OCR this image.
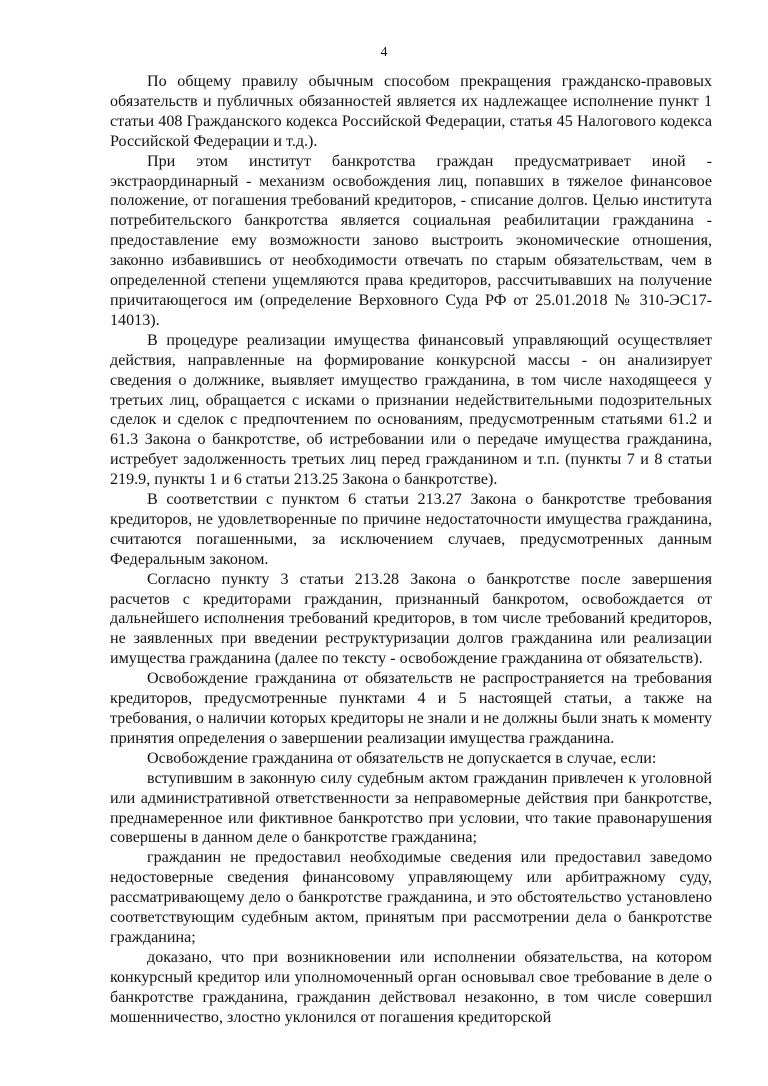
4

По общему правилу обычным способом прекращения гражданско-правовых обязательств и публичных обязанностей является их надлежащее исполнение пункт 1 статьи 408 Гражданского кодекса Российской Федерации, статья 45 Налогового кодекса Российской Федерации и т.д.).

При этом институт банкротства граждан предусматривает иной - экстраординарный - механизм освобождения лиц, попавших в тяжелое финансовое положение, от погашения требований кредиторов, - списание долгов. Целью института потребительского банкротства является социальная реабилитации гражданина - предоставление ему возможности заново выстроить экономические отношения, законно избавившись от необходимости отвечать по старым обязательствам, чем в определенной степени ущемляются права кредиторов, рассчитывавших на получение причитающегося им (определение Верховного Суда РФ от 25.01.2018 № 310-ЭС17-14013).

В процедуре реализации имущества финансовый управляющий осуществляет действия, направленные на формирование конкурсной массы - он анализирует сведения о должнике, выявляет имущество гражданина, в том числе находящееся у третьих лиц, обращается с исками о признании недействительными подозрительных сделок и сделок с предпочтением по основаниям, предусмотренным статьями 61.2 и 61.3 Закона о банкротстве, об истребовании или о передаче имущества гражданина, истребует задолженность третьих лиц перед гражданином и т.п. (пункты 7 и 8 статьи 219.9, пункты 1 и 6 статьи 213.25 Закона о банкротстве).

В соответствии с пунктом 6 статьи 213.27 Закона о банкротстве требования кредиторов, не удовлетворенные по причине недостаточности имущества гражданина, считаются погашенными, за исключением случаев, предусмотренных данным Федеральным законом.

Согласно пункту 3 статьи 213.28 Закона о банкротстве после завершения расчетов с кредиторами гражданин, признанный банкротом, освобождается от дальнейшего исполнения требований кредиторов, в том числе требований кредиторов, не заявленных при введении реструктуризации долгов гражданина или реализации имущества гражданина (далее по тексту - освобождение гражданина от обязательств).

Освобождение гражданина от обязательств не распространяется на требования кредиторов, предусмотренные пунктами 4 и 5 настоящей статьи, а также на требования, о наличии которых кредиторы не знали и не должны были знать к моменту принятия определения о завершении реализации имущества гражданина.

Освобождение гражданина от обязательств не допускается в случае, если:

вступившим в законную силу судебным актом гражданин привлечен к уголовной или административной ответственности за неправомерные действия при банкротстве, преднамеренное или фиктивное банкротство при условии, что такие правонарушения совершены в данном деле о банкротстве гражданина;

гражданин не предоставил необходимые сведения или предоставил заведомо недостоверные сведения финансовому управляющему или арбитражному суду, рассматривающему дело о банкротстве гражданина, и это обстоятельство установлено соответствующим судебным актом, принятым при рассмотрении дела о банкротстве гражданина;

доказано, что при возникновении или исполнении обязательства, на котором конкурсный кредитор или уполномоченный орган основывал свое требование в деле о банкротстве гражданина, гражданин действовал незаконно, в том числе совершил мошенничество, злостно уклонился от погашения кредиторской
